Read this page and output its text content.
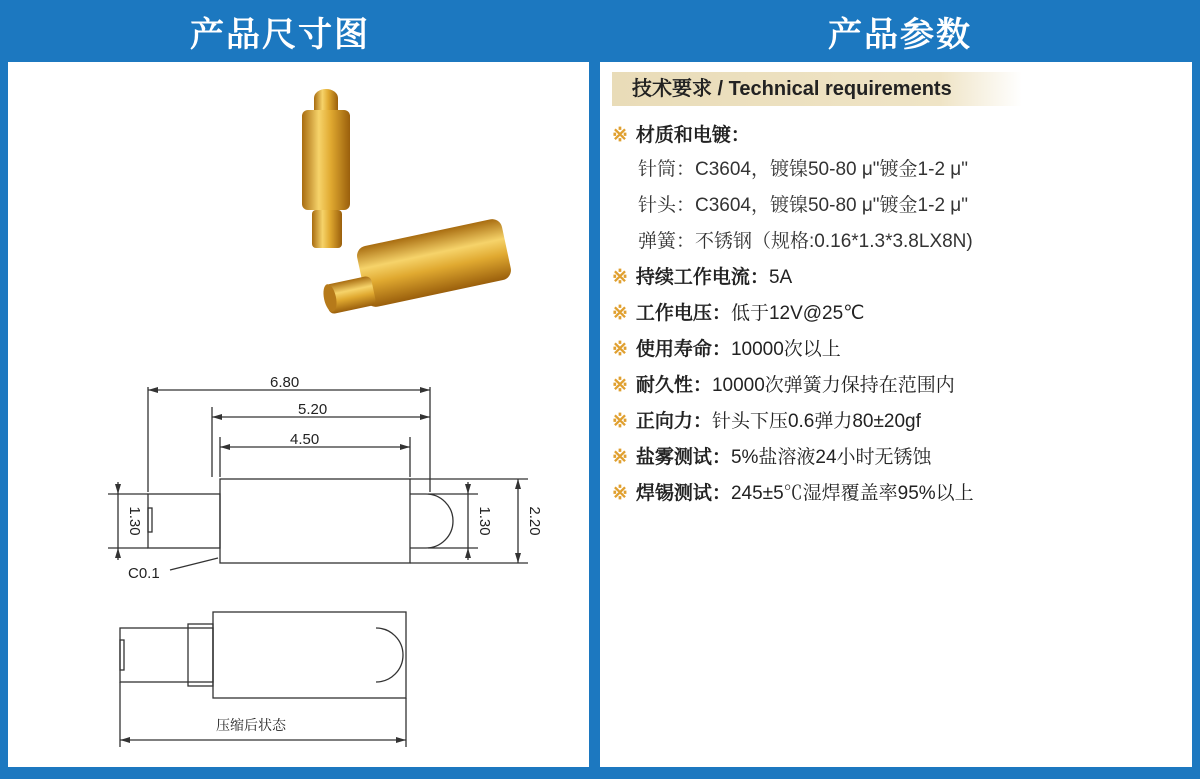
产品尺寸图	产品参数
6.80
5.20
4.50
1.30	1.30 2.20
C0.1
压缩后状态
技术要求 / Technical requirements
※ 材质和电镀：
针筒：C3604，镀镍50-80 μ"镀金1-2 μ"
针头：C3604，镀镍50-80 μ"镀金1-2 μ"
弹簧：不锈钢（规格:0.16*1.3*3.8LX8N)
※ 持续工作电流：5A
※ 工作电压：低于12V@25℃
※ 使用寿命：10000次以上
※ 耐久性：10000次弹簧力保持在范围内
※ 正向力：针头下压0.6弹力80±20gf
※ 盐雾测试：5%盐溶液24小时无锈蚀
※ 焊锡测试：245±5℃湿焊覆盖率95%以上
